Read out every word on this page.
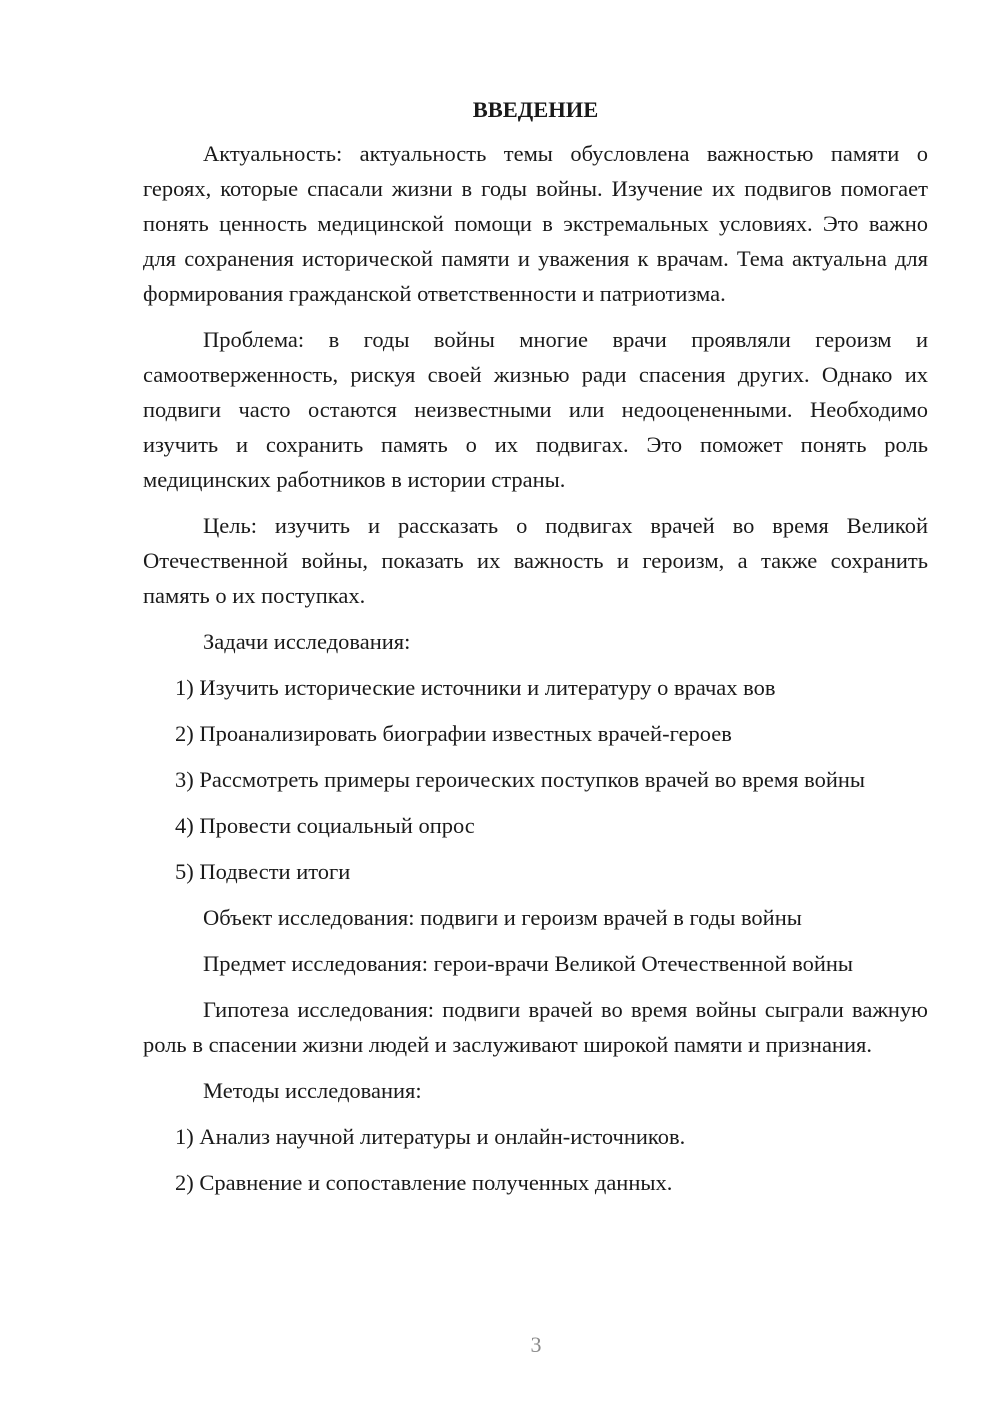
ВВЕДЕНИЕ
Актуальность: актуальность темы обусловлена важностью памяти о героях, которые спасали жизни в годы войны. Изучение их подвигов помогает понять ценность медицинской помощи в экстремальных условиях. Это важно для сохранения исторической памяти и уважения к врачам. Тема актуальна для формирования гражданской ответственности и патриотизма.
Проблема: в годы войны многие врачи проявляли героизм и самоотверженность, рискуя своей жизнью ради спасения других. Однако их подвиги часто остаются неизвестными или недооцененными. Необходимо изучить и сохранить память о их подвигах. Это поможет понять роль медицинских работников в истории страны.
Цель: изучить и рассказать о подвигах врачей во время Великой Отечественной войны, показать их важность и героизм, а также сохранить память о их поступках.
Задачи исследования:
1) Изучить исторические источники и литературу о врачах вов
2) Проанализировать биографии известных врачей-героев
3) Рассмотреть примеры героических поступков врачей во время войны
4) Провести социальный опрос
5) Подвести итоги
Объект исследования: подвиги и героизм врачей в годы войны
Предмет исследования: герои-врачи Великой Отечественной войны
Гипотеза исследования: подвиги врачей во время войны сыграли важную роль в спасении жизни людей и заслуживают широкой памяти и признания.
Методы исследования:
1) Анализ научной литературы и онлайн-источников.
2) Сравнение и сопоставление полученных данных.
3
